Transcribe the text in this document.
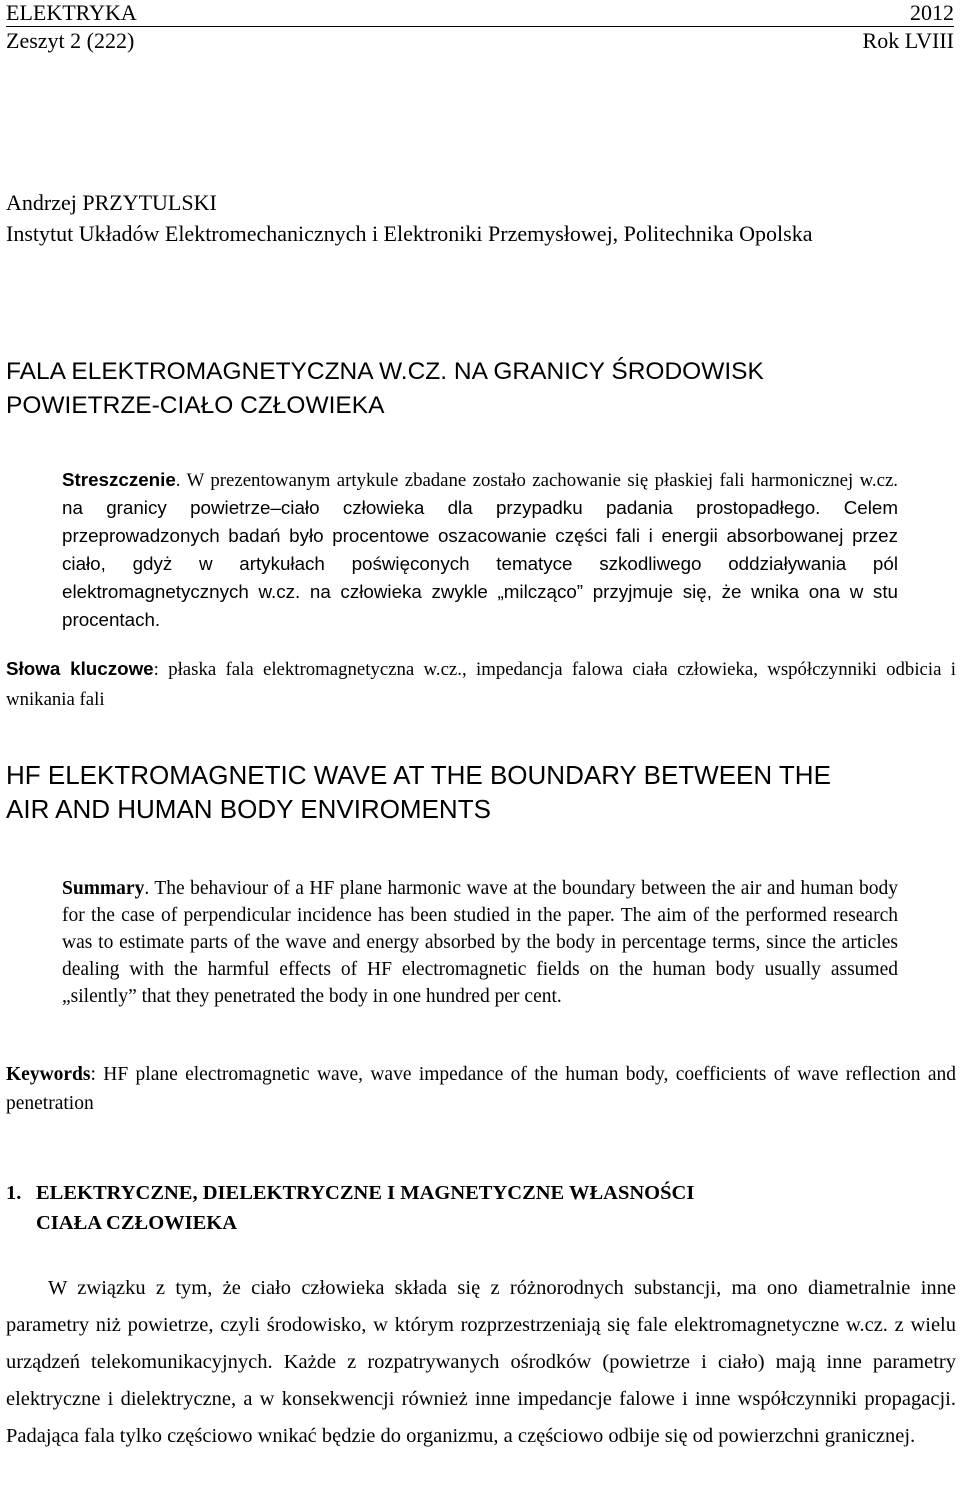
ELEKTRYKA	2012
Zeszyt 2 (222)	Rok LVIII
Andrzej PRZYTULSKI
Instytut Układów Elektromechanicznych i Elektroniki Przemysłowej, Politechnika Opolska
FALA ELEKTROMAGNETYCZNA W.CZ. NA GRANICY ŚRODOWISK
POWIETRZE-CIAŁO CZŁOWIEKA
Streszczenie. W prezentowanym artykule zbadane zostało zachowanie się płaskiej fali harmonicznej w.cz. na granicy powietrze–ciało człowieka dla przypadku padania prostopadłego. Celem przeprowadzonych badań było procentowe oszacowanie części fali i energii absorbowanej przez ciało, gdyż w artykułach poświęconych tematyce szkodliwego oddziaływania pól elektromagnetycznych w.cz. na człowieka zwykle „milcząco” przyjmuje się, że wnika ona w stu procentach.
Słowa kluczowe: płaska fala elektromagnetyczna w.cz., impedancja falowa ciała człowieka, współczynniki odbicia i wnikania fali
HF ELEKTROMAGNETIC WAVE AT THE BOUNDARY BETWEEN THE
AIR AND HUMAN BODY ENVIROMENTS
Summary. The behaviour of a HF plane harmonic wave at the boundary between the air and human body for the case of perpendicular incidence has been studied in the paper. The aim of the performed research was to estimate parts of the wave and energy absorbed by the body in percentage terms, since the articles dealing with the harmful effects of HF electromagnetic fields on the human body usually assumed „silently” that they penetrated the body in one hundred per cent.
Keywords: HF plane electromagnetic wave, wave impedance of the human body, coefficients of wave reflection and penetration
1. ELEKTRYCZNE, DIELEKTRYCZNE I MAGNETYCZNE WŁASNOŚCI
CIAŁA CZŁOWIEKA
W związku z tym, że ciało człowieka składa się z różnorodnych substancji, ma ono diametralnie inne parametry niż powietrze, czyli środowisko, w którym rozprzestrzeniają się fale elektromagnetyczne w.cz. z wielu urządzeń telekomunikacyjnych. Każde z rozpatrywanych ośrodków (powietrze i ciało) mają inne parametry elektryczne i dielektryczne, a w konsekwencji również inne impedancje falowe i inne współczynniki propagacji. Padająca fala tylko częściowo wnikać będzie do organizmu, a częściowo odbije się od powierzchni granicznej.
